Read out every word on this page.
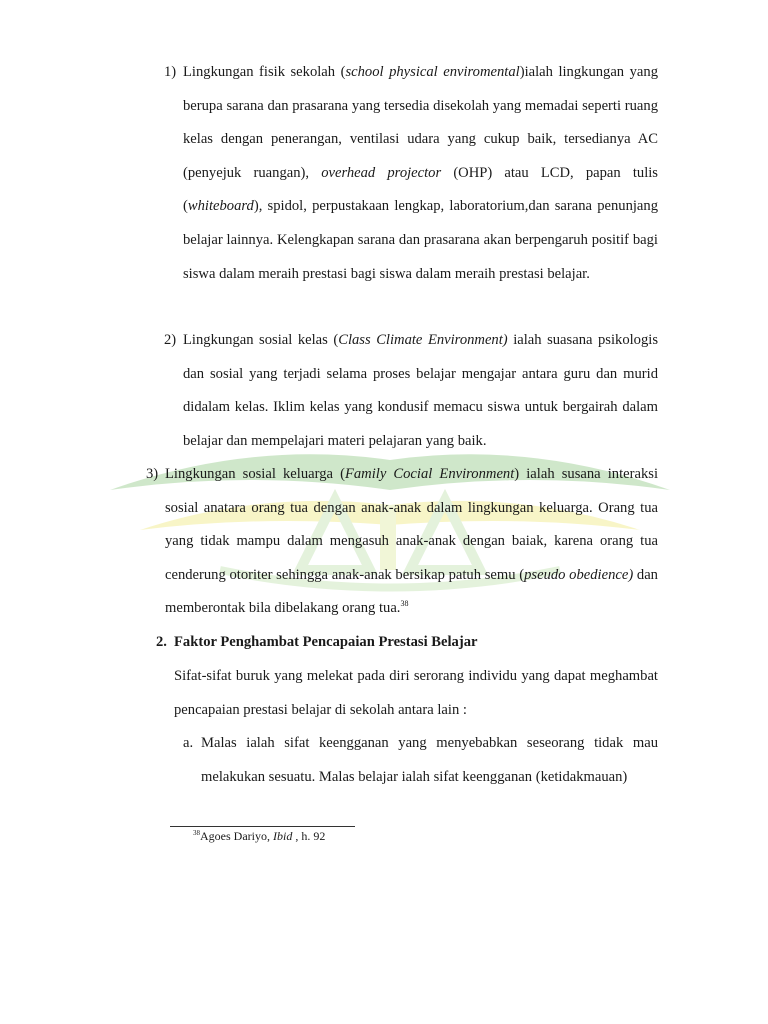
1) Lingkungan fisik sekolah (school physical enviromental)ialah lingkungan yang berupa sarana dan prasarana yang tersedia disekolah yang memadai seperti ruang kelas dengan penerangan, ventilasi udara yang cukup baik, tersedianya AC (penyejuk ruangan), overhead projector (OHP) atau LCD, papan tulis (whiteboard), spidol, perpustakaan lengkap, laboratorium,dan sarana penunjang belajar lainnya. Kelengkapan sarana dan prasarana akan berpengaruh positif bagi siswa dalam meraih prestasi bagi siswa dalam meraih prestasi belajar.
2) Lingkungan sosial kelas (Class Climate Environment) ialah suasana psikologis dan sosial yang terjadi selama proses belajar mengajar antara guru dan murid didalam kelas. Iklim kelas yang kondusif memacu siswa untuk bergairah dalam belajar dan mempelajari materi pelajaran yang baik.
3) Lingkungan sosial keluarga (Family Cocial Environment) ialah susana interaksi sosial anatara orang tua dengan anak-anak dalam lingkungan keluarga. Orang tua yang tidak mampu dalam mengasuh anak-anak dengan baiak, karena orang tua cenderung otoriter sehingga anak-anak bersikap patuh semu (pseudo obedience) dan memberontak bila dibelakang orang tua.$^{38}$
2. Faktor Penghambat Pencapaian Prestasi Belajar
Sifat-sifat buruk yang melekat pada diri serorang individu yang dapat meghambat pencapaian prestasi belajar di sekolah antara lain :
a. Malas ialah sifat keengganan yang menyebabkan seseorang tidak mau melakukan sesuatu. Malas belajar ialah sifat keengganan (ketidakmauan)
$^{38}$Agoes Dariyo, Ibid , h. 92
